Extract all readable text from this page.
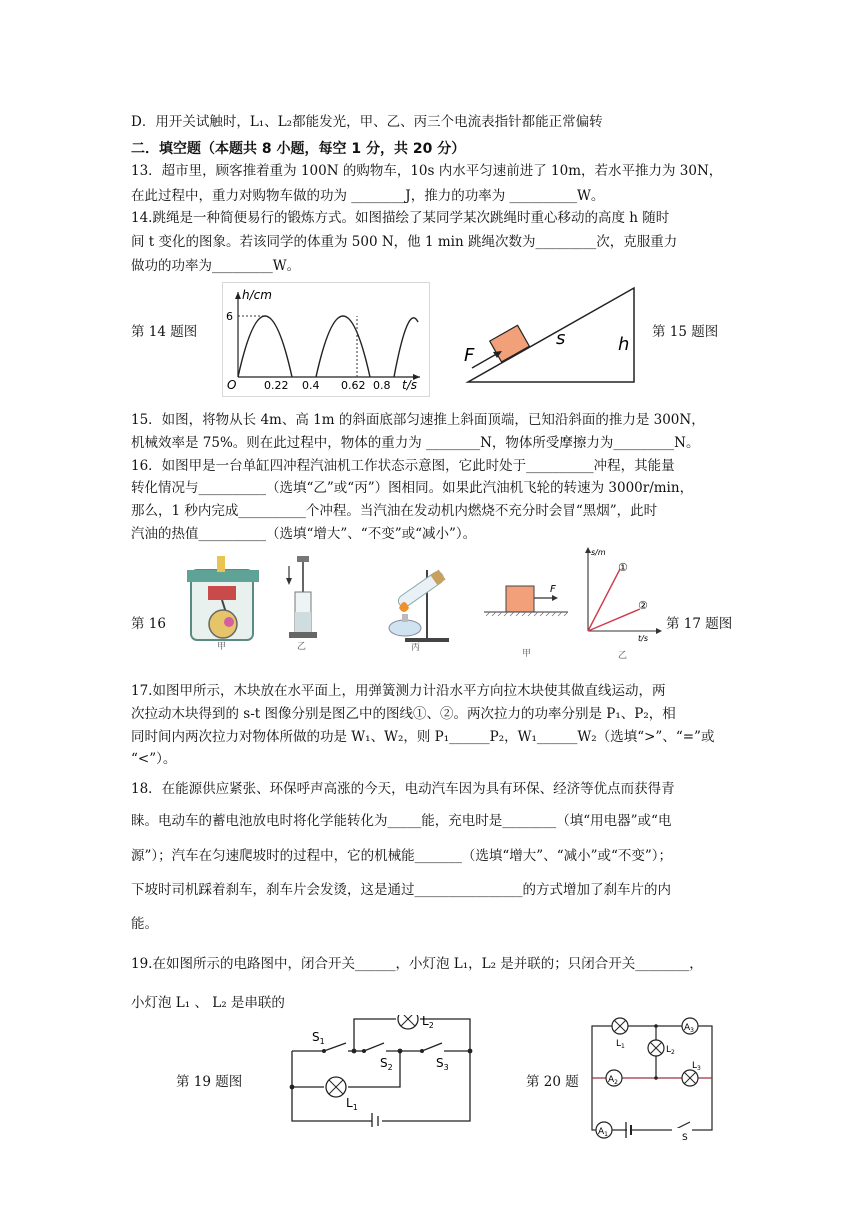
D．用开关试触时，L₁、L₂都能发光，甲、乙、丙三个电流表指针都能正常偏转
二．填空题（本题共 8 小题，每空 1 分，共 20 分）
13．超市里，顾客推着重为 100N 的购物车，10s 内水平匀速前进了 10m，若水平推力为 30N，
在此过程中，重力对购物车做的功为 ________J，推力的功率为 __________W。
14.跳绳是一种简便易行的锻炼方式。如图描绘了某同学某次跳绳时重心移动的高度 h 随时
间 t 变化的图象。若该同学的体重为 500 N，他 1 min 跳绳次数为_________次，克服重力
做功的功率为_________W。
第 14 题图
h/cm
6
O	0.22 0.4 0.62 0.8 t/s
F
s	h
第 15 题图
15．如图，将物从长 4m、高 1m 的斜面底部匀速推上斜面顶端，已知沿斜面的推力是 300N，
机械效率是 75%。则在此过程中，物体的重力为 ________N，物体所受摩擦力为_________N。
16．如图甲是一台单缸四冲程汽油机工作状态示意图，它此时处于__________冲程，其能量
转化情况与__________（选填“乙”或“丙”）图相同。如果此汽油机飞轮的转速为 3000r/min，
那么，1 秒内完成__________个冲程。当汽油在发动机内燃烧不充分时会冒“黑烟”，此时
汽油的热值__________（选填“增大”、“不变”或“减小”）。
第 16
甲	乙	丙
F
甲
s/m
t/s
①
②
乙
第 17 题图
17.如图甲所示，木块放在水平面上，用弹簧测力计沿水平方向拉木块使其做直线运动，两
次拉动木块得到的 s-t 图像分别是图乙中的图线①、②。两次拉力的功率分别是 P₁、P₂，相
同时间内两次拉力对物体所做的功是 W₁、W₂，则 P₁______P₂，W₁______W₂（选填“>”、“=”或
“<”）。
18．在能源供应紧张、环保呼声高涨的今天，电动汽车因为具有环保、经济等优点而获得青
睐。电动车的蓄电池放电时将化学能转化为_____能，充电时是________（填“用电器”或“电
源”）；汽车在匀速爬坡时的过程中，它的机械能_______（选填“增大”、“减小”或“不变”）；
下坡时司机踩着刹车，刹车片会发烫，这是通过________________的方式增加了刹车片的内
能。
19.在如图所示的电路图中，闭合开关______，小灯泡 L₁，L₂ 是并联的；只闭合开关________，
小灯泡 L₁ 、 L₂ 是串联的
第 19 题图
$S_1$
$S_2$	$S_3$
$L_2$
$L_1$
第 20 题
$A_3$
$A_2$
$A_1$
$L_1$	$L_2$
$L_3$
S
